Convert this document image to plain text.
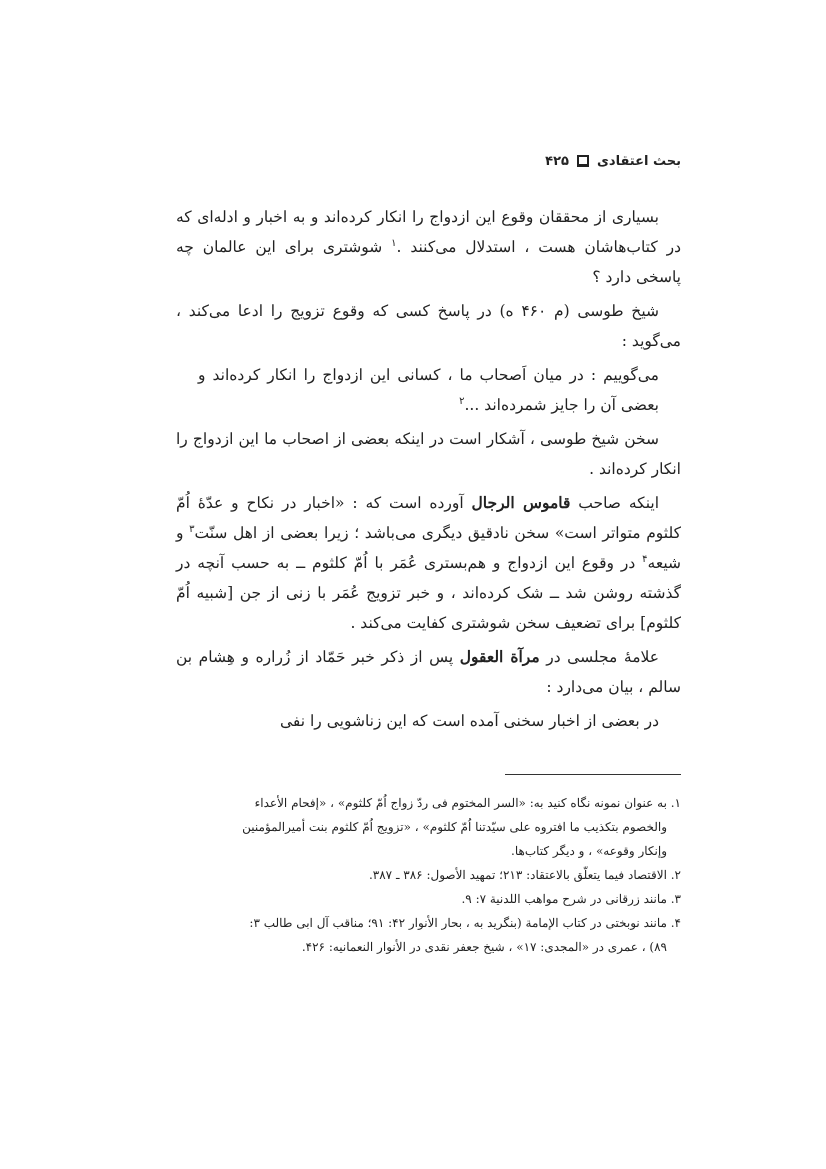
بحث اعتقادی
۴۲۵

بسیاری از محققان وقوع این ازدواج را انکار کرده‌اند و به اخبار و ادله‌ای که در کتاب‌هاشان هست ، استدلال می‌کنند .$^۱$ شوشتری برای این عالمان چه پاسخی دارد ؟

شیخ طوسی (م ۴۶۰ ه) در پاسخ کسی که وقوع تزویج را ادعا می‌کند ، می‌گوید :

می‌گوییم : در میان اَصحاب ما ، کسانی این ازدواج را انکار کرده‌اند و بعضی آن را جایز شمرده‌اند ...$^۲$

سخن شیخ طوسی ، آشکار است در اینکه بعضی از اصحاب ما این ازدواج را انکار کرده‌اند .

اینکه صاحب قاموس الرجال آورده است که : «اخبار در نکاح و عدّهٔ اُمّ کلثوم متواتر است» سخن نادقیق دیگری می‌باشد ؛ زیرا بعضی از اهل سنّت$^۳$ و شیعه$^۴$ در وقوع این ازدواج و هم‌بستری عُمَر با اُمّ کلثوم ــ به حسب آنچه در گذشته روشن شد ــ شک کرده‌اند ، و خبر تزویج عُمَر با زنی از جن [شبیه اُمّ کلثوم] برای تضعیف سخن شوشتری کفایت می‌کند .

علامهٔ مجلسی در مرآة العقول پس از ذکر خبر حَمّاد از زُراره و هِشام بن سالم ، بیان می‌دارد :

در بعضی از اخبار سخنی آمده است که این زناشویی را نفی

۱. به عنوان نمونه نگاه کنید به: «السر المختوم فی ردّ زواج اُمّ کلثوم» ، «إفحام الأعداء

والخصوم بتکذیب ما افتروه علی سیّدتنا اُمّ کلثوم» ، «تزویج اُمّ کلثوم بنت أمیرالمؤمنین

وإنکار وقوعه» ، و دیگر کتاب‌ها.

۲. الاقتصاد فیما یتعلّق بالاعتقاد: ۲۱۳؛ تمهید الأصول: ۳۸۶ ـ ۳۸۷.

۳. مانند زرقانی در شرح مواهب اللدنیة ۷: ۹.

۴. مانند نوبختی در کتاب الإمامة (بنگرید به ، بحار الأنوار ۴۲: ۹۱؛ مناقب آل ابی طالب ۳:

۸۹) ، عمری در «المجدی: ۱۷» ، شیخ جعفر نقدی در الأنوار النعمانیه: ۴۲۶.
